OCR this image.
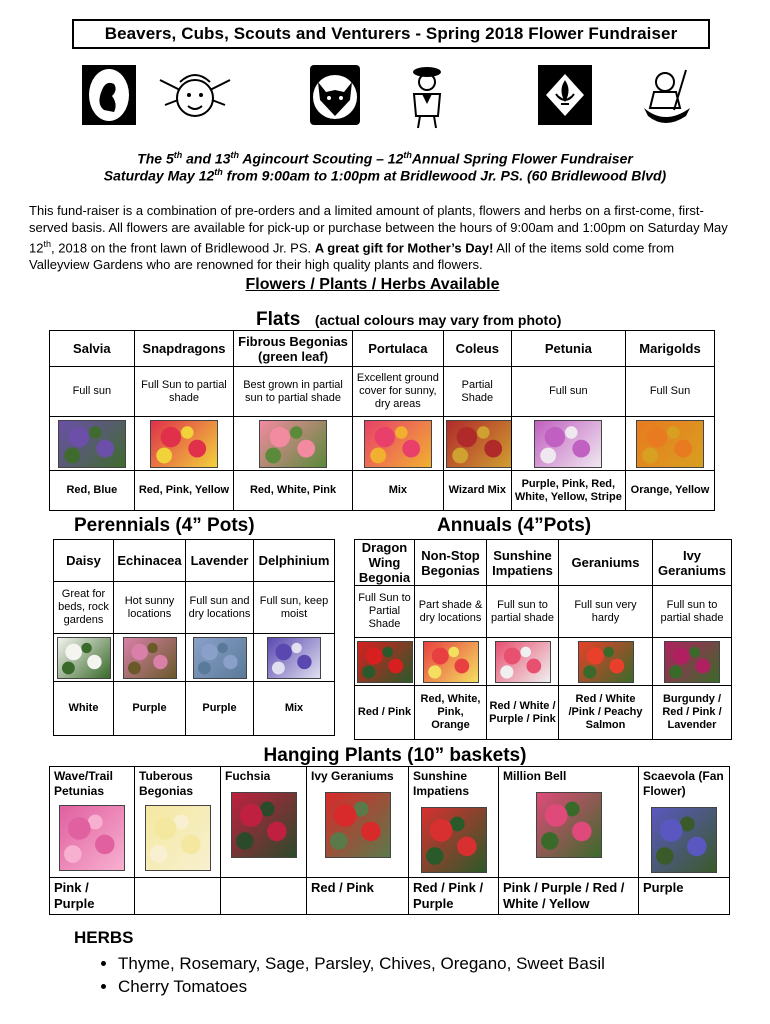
Beavers, Cubs, Scouts and Venturers - Spring 2018 Flower Fundraiser
The 5th and 13th Agincourt Scouting – 12thAnnual Spring Flower Fundraiser
Saturday May 12th from 9:00am to 1:00pm at Bridlewood Jr. PS. (60 Bridlewood Blvd)
This fund-raiser is a combination of pre-orders and a limited amount of plants, flowers and herbs on a first-come, first-served basis. All flowers are available for pick-up or purchase between the hours of 9:00am and 1:00pm on Saturday May 12th, 2018 on the front lawn of Bridlewood Jr. PS. A great gift for Mother’s Day! All of the items sold come from Valleyview Gardens who are renowned for their high quality plants and flowers.
Flowers / Plants / Herbs Available
Flats (actual colours may vary from photo)
Salvia	Snapdragons	Fibrous Begonias (green leaf)	Portulaca	Coleus	Petunia	Marigolds
Full sun	Full Sun to partial shade	Best grown in partial sun to partial shade	Excellent ground cover for sunny, dry areas	Partial Shade	Full sun	Full Sun

Red, Blue	Red, Pink, Yellow	Red, White, Pink	Mix	Wizard Mix	Purple, Pink, Red, White, Yellow, Stripe	Orange, Yellow
Perennials (4” Pots)	Annuals (4”Pots)
Daisy	Echinacea	Lavender	Delphinium
Great for beds, rock gardens	Hot sunny locations	Full sun and dry locations	Full sun, keep moist

White	Purple	Purple	Mix
Dragon Wing Begonia	Non-Stop Begonias	Sunshine Impatiens	Geraniums	Ivy Geraniums
Full Sun to Partial Shade	Part shade & dry locations	Full sun to partial shade	Full sun very hardy	Full sun to partial shade

Red / Pink	Red, White, Pink, Orange	Red / White / Purple / Pink	Red / White /Pink / Peachy Salmon	Burgundy / Red / Pink / Lavender
Hanging Plants (10” baskets)
Wave/Trail Petunias	Tuberous Begonias	Fuchsia	Ivy Geraniums	Sunshine Impatiens	Million Bell	Scaevola (Fan Flower)

Pink / Purple			Red / Pink	Red / Pink / Purple	Pink / Purple / Red / White / Yellow	Purple
HERBS
• Thyme, Rosemary, Sage, Parsley, Chives, Oregano, Sweet Basil
• Cherry Tomatoes
